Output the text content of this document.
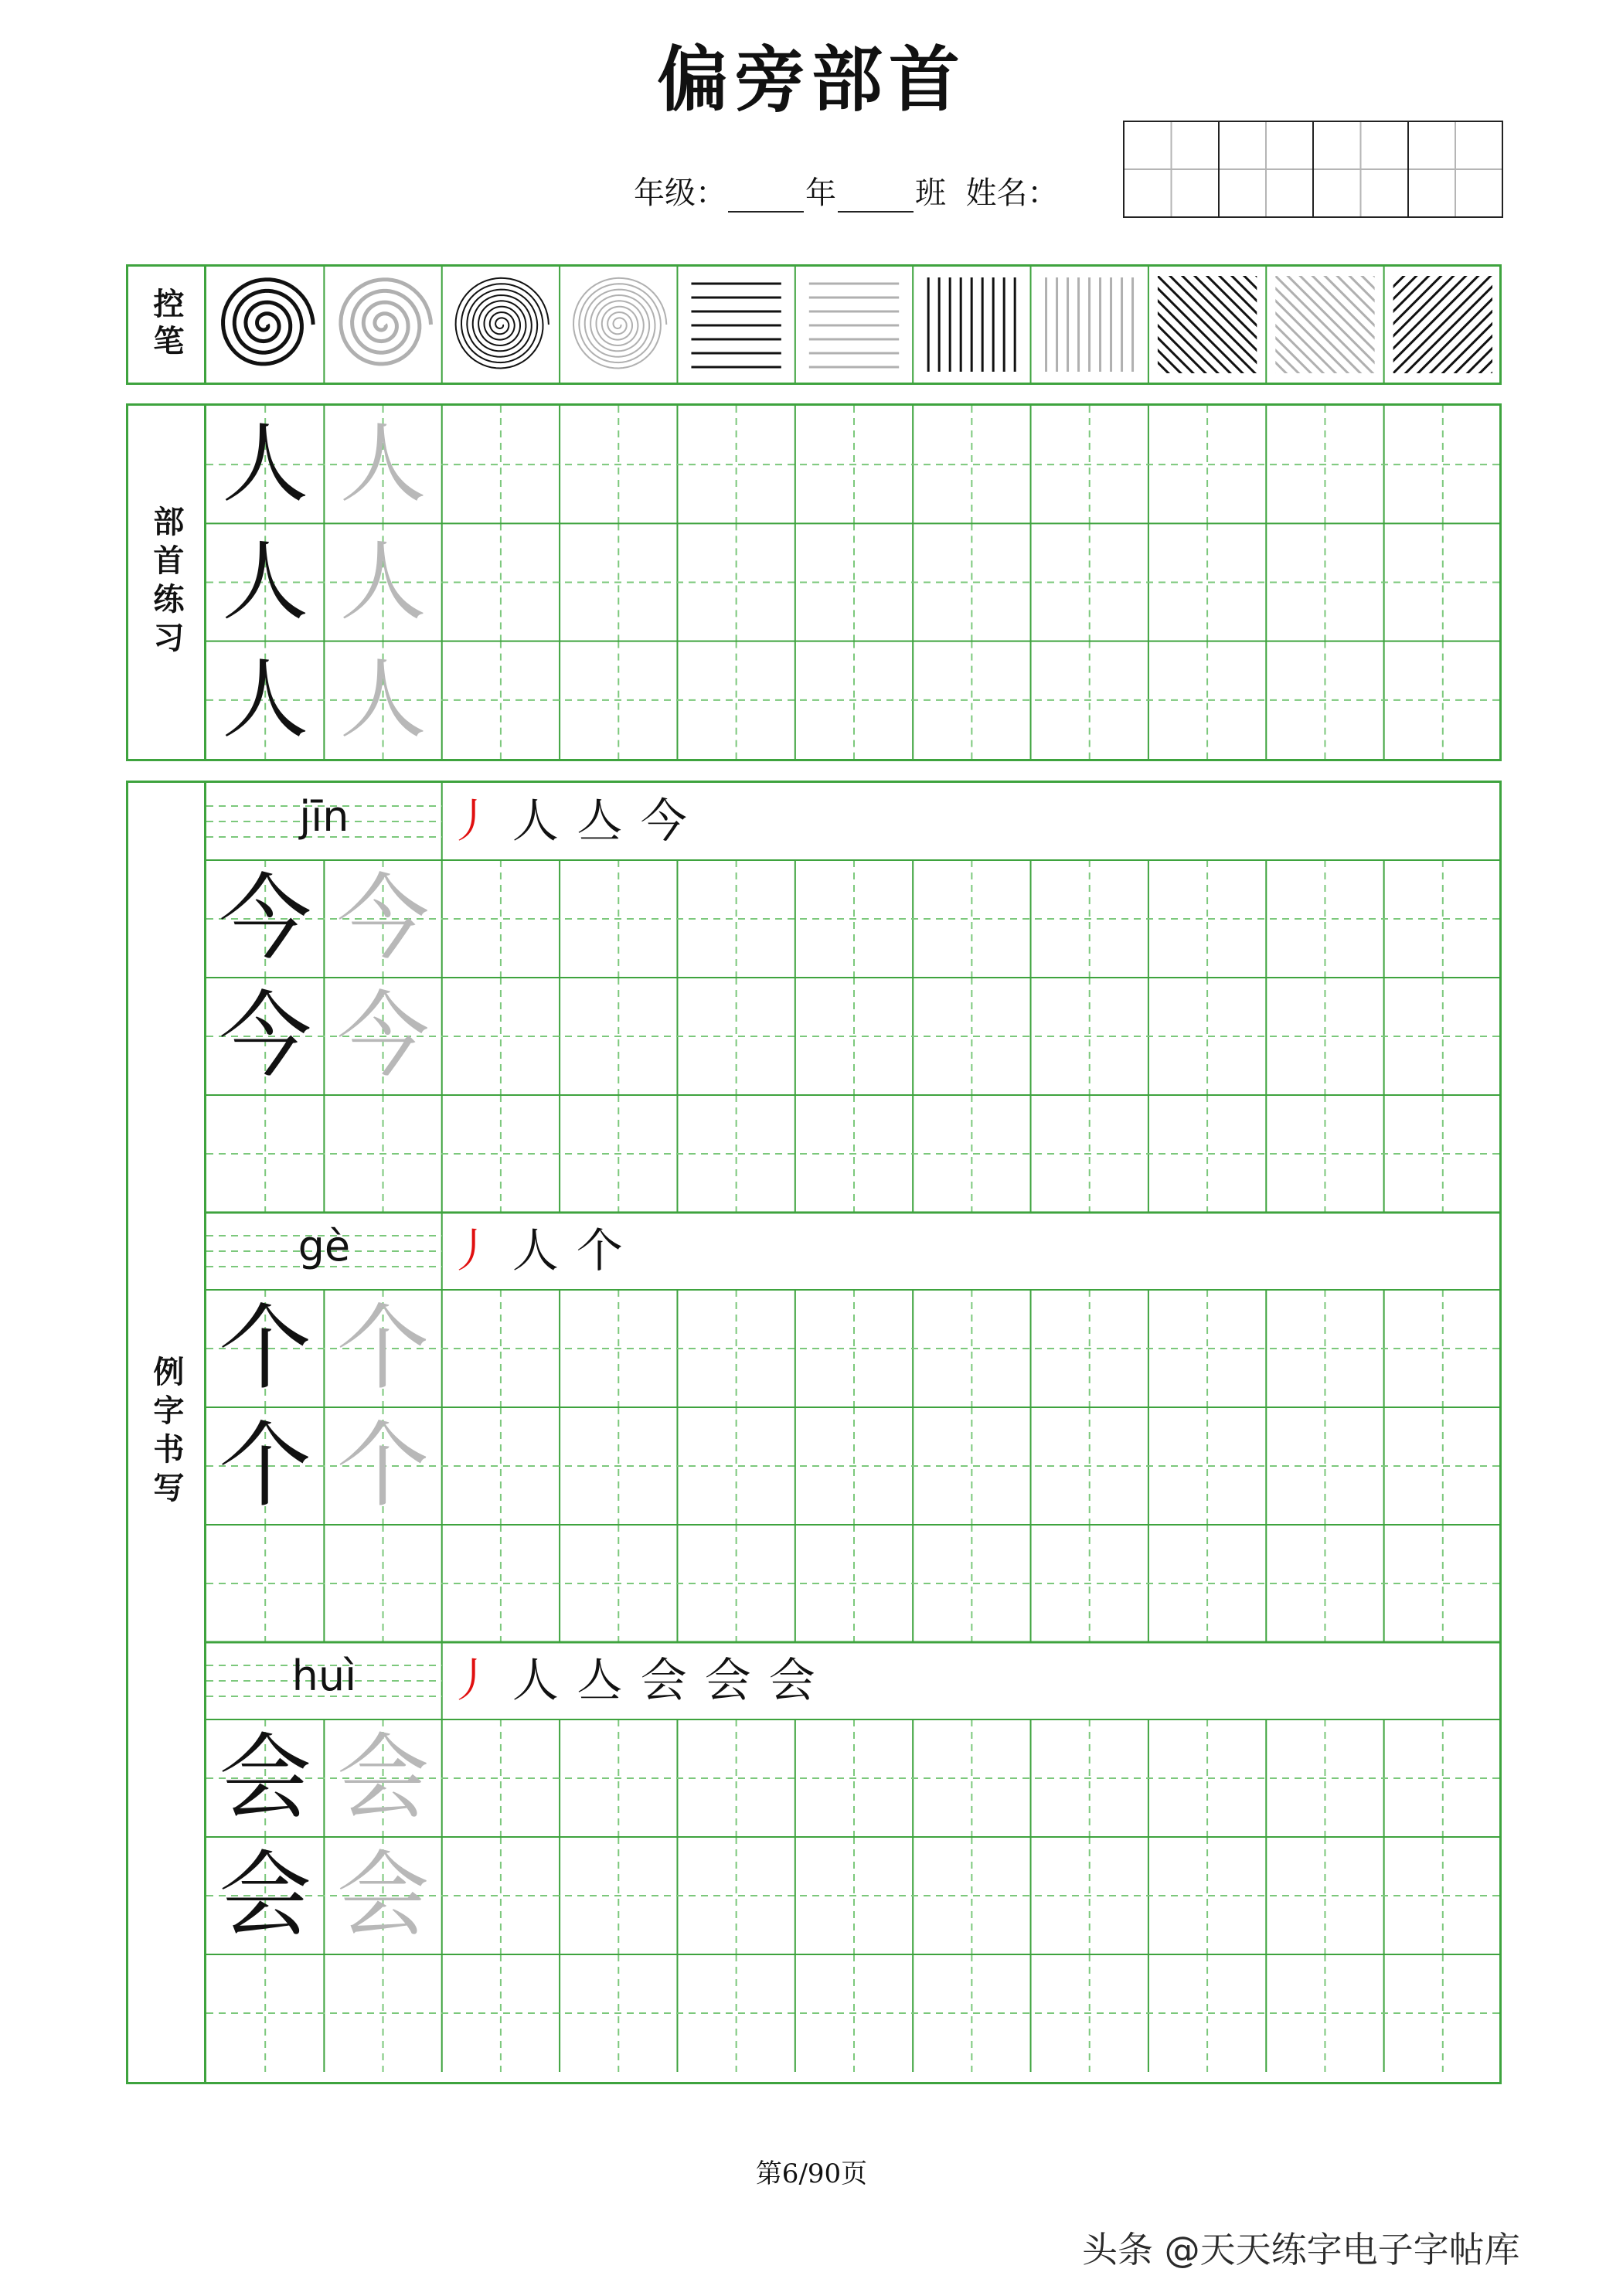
偏旁部首
年级：	年	班 姓名：
控笔
部首练习
人 人
人 人
人 人
例字书写
jīn 丿 人 亼 今
今 今
今 今
gè 丿 人 个
个 个
个 个
huì 丿 人 亼 会 会 会
会 会
会 会
第6/90页
头条 @天天练字电子字帖库
